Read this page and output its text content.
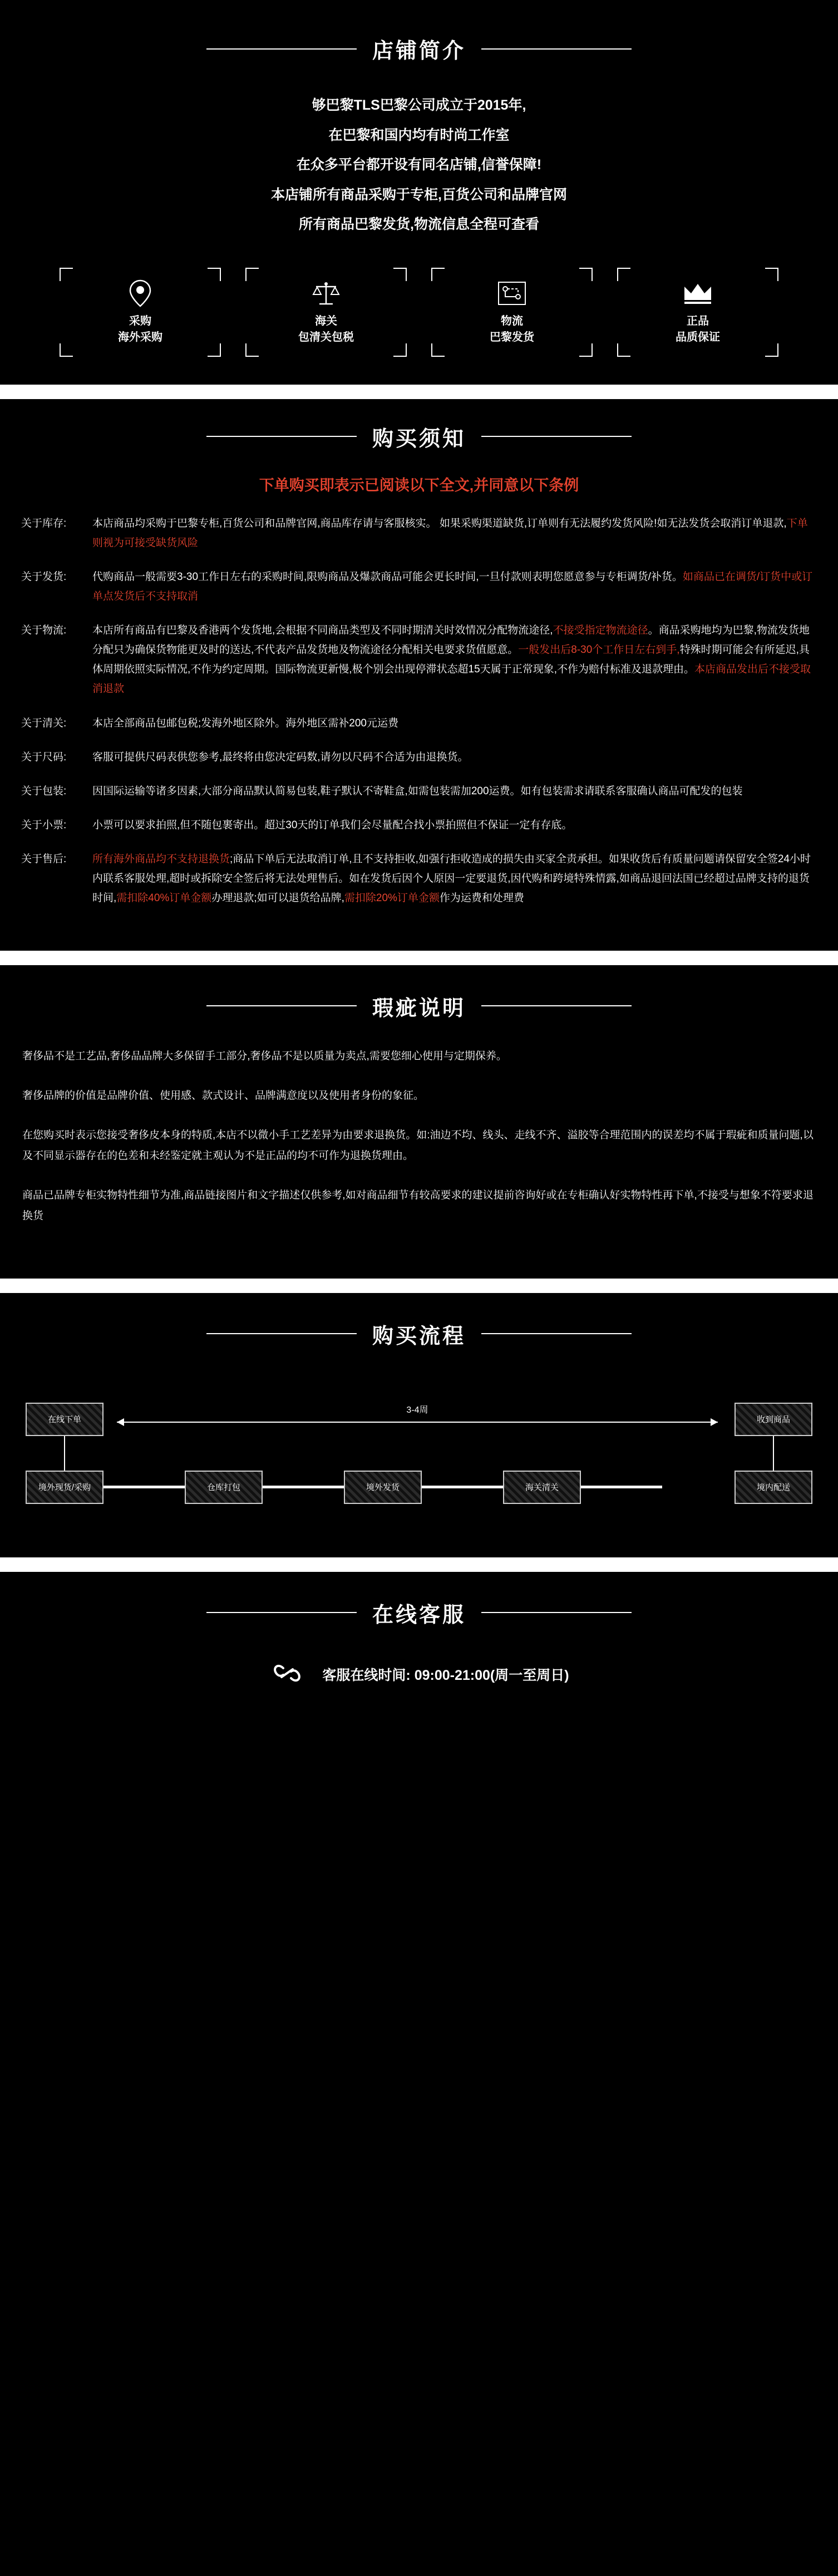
店铺简介

够巴黎TLS巴黎公司成立于2015年,

在巴黎和国内均有时尚工作室

在众多平台都开设有同名店铺,信誉保障!

本店铺所有商品采购于专柜,百货公司和品牌官网

所有商品巴黎发货,物流信息全程可查看

采购
海外采购
海关
包清关包税
物流
巴黎发货
正品
品质保证
购买须知
下单购买即表示已阅读以下全文,并同意以下条例
关于库存:	本店商品均采购于巴黎专柜,百货公司和品牌官网,商品库存请与客服核实。 如果采购渠道缺货,订单则有无法履约发货风险!如无法发货会取消订单退款,下单则视为可接受缺货风险
关于发货:	代购商品一般需要3-30工作日左右的采购时间,限购商品及爆款商品可能会更长时间,一旦付款则表明您愿意参与专柜调货/补货。如商品已在调货/订货中或订单点发货后不支持取消
关于物流:	本店所有商品有巴黎及香港两个发货地,会根据不同商品类型及不同时期清关时效情况分配物流途径,不接受指定物流途径。商品采购地均为巴黎,物流发货地分配只为确保货物能更及时的送达,不代表产品发货地及物流途径分配相关电要求货值愿意。一般发出后8-30个工作日左右到手,特殊时期可能会有所延迟,具体周期依照实际情况,不作为约定周期。国际物流更新慢,极个别会出现停滞状态超15天属于正常现象,不作为赔付标准及退款理由。本店商品发出后不接受取消退款
关于清关:	本店全部商品包邮包税;发海外地区除外。海外地区需补200元运费
关于尺码:	客服可提供尺码表供您参考,最终将由您决定码数,请勿以尺码不合适为由退换货。
关于包装:	因国际运输等诸多因素,大部分商品默认简易包装,鞋子默认不寄鞋盒,如需包装需加200运费。如有包装需求请联系客服确认商品可配发的包装
关于小票:	小票可以要求拍照,但不随包裹寄出。超过30天的订单我们会尽量配合找小票拍照但不保证一定有存底。
关于售后:	所有海外商品均不支持退换货;商品下单后无法取消订单,且不支持拒收,如强行拒收造成的损失由买家全责承担。如果收货后有质量问题请保留安全签24小时内联系客服处理,超时或拆除安全签后将无法处理售后。如在发货后因个人原因一定要退货,因代购和跨境特殊情露,如商品退回法国已经超过品牌支持的退货时间,需扣除40%订单金额办理退款;如可以退货给品牌,需扣除20%订单金额作为运费和处理费
瑕疵说明

奢侈品不是工艺品,奢侈品品牌大多保留手工部分,奢侈品不是以质量为卖点,需要您细心使用与定期保养。

奢侈品牌的价值是品牌价值、使用感、款式设计、品牌满意度以及使用者身份的象征。

在您购买时表示您接受奢侈皮本身的特质,本店不以微小手工艺差异为由要求退换货。如:油边不均、线头、走线不齐、溢胶等合理范围内的误差均不属于瑕疵和质量问题,以及不同显示器存在的色差和未经鉴定就主观认为不是正品的均不可作为退换货理由。

商品已品牌专柜实物特性细节为准,商品链接图片和文字描述仅供参考,如对商品细节有较高要求的建议提前咨询好或在专柜确认好实物特性再下单,不接受与想象不符要求退换货

购买流程
在线下单	收到商品
3-4周
境外现货/采购	仓库打包	境外发货	海关清关	境内配送
在线客服
客服在线时间: 09:00-21:00(周一至周日)
